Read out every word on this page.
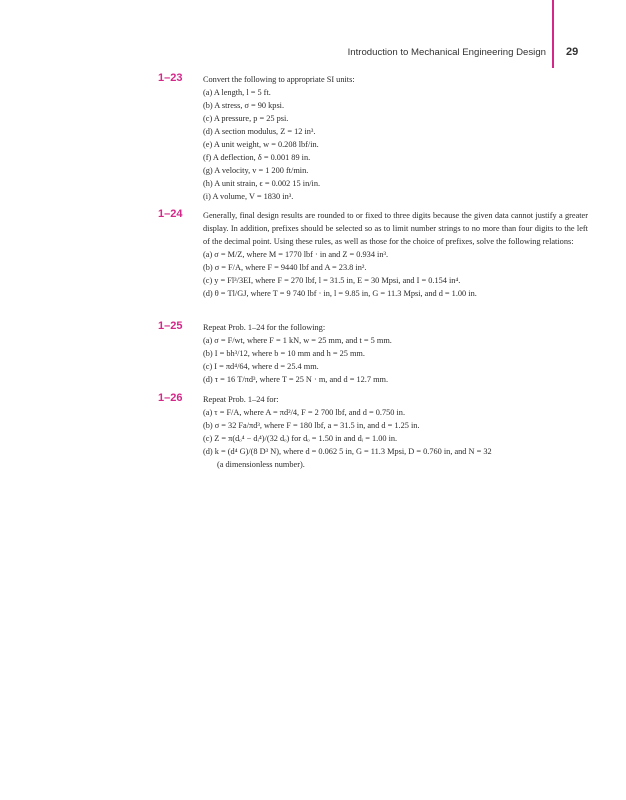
Introduction to Mechanical Engineering Design 29
1–23 Convert the following to appropriate SI units:
(a) A length, l = 5 ft.
(b) A stress, σ = 90 kpsi.
(c) A pressure, p = 25 psi.
(d) A section modulus, Z = 12 in³.
(e) A unit weight, w = 0.208 lbf/in.
(f) A deflection, δ = 0.001 89 in.
(g) A velocity, v = 1 200 ft/min.
(h) A unit strain, ϵ = 0.002 15 in/in.
(i) A volume, V = 1830 in³.
1–24 Generally, final design results are rounded to or fixed to three digits because the given data cannot justify a greater display. In addition, prefixes should be selected so as to limit number strings to no more than four digits to the left of the decimal point. Using these rules, as well as those for the choice of prefixes, solve the following relations:
(a) σ = M/Z, where M = 1770 lbf · in and Z = 0.934 in³.
(b) σ = F/A, where F = 9440 lbf and A = 23.8 in².
(c) y = Fl³/3EI, where F = 270 lbf, l = 31.5 in, E = 30 Mpsi, and I = 0.154 in⁴.
(d) θ = Tl/GJ, where T = 9 740 lbf · in, l = 9.85 in, G = 11.3 Mpsi, and d = 1.00 in.
1–25 Repeat Prob. 1–24 for the following:
(a) σ = F/wt, where F = 1 kN, w = 25 mm, and t = 5 mm.
(b) I = bh³/12, where b = 10 mm and h = 25 mm.
(c) I = πd⁴/64, where d = 25.4 mm.
(d) τ = 16 T/πd³, where T = 25 N · m, and d = 12.7 mm.
1–26 Repeat Prob. 1–24 for:
(a) τ = F/A, where A = πd²/4, F = 2 700 lbf, and d = 0.750 in.
(b) σ = 32 Fa/πd³, where F = 180 lbf, a = 31.5 in, and d = 1.25 in.
(c) Z = π(dₒ⁴ − dᵢ⁴)/(32 dₒ) for dₒ = 1.50 in and dᵢ = 1.00 in.
(d) k = (d⁴ G)/(8 D³ N), where d = 0.062 5 in, G = 11.3 Mpsi, D = 0.760 in, and N = 32
(a dimensionless number).
